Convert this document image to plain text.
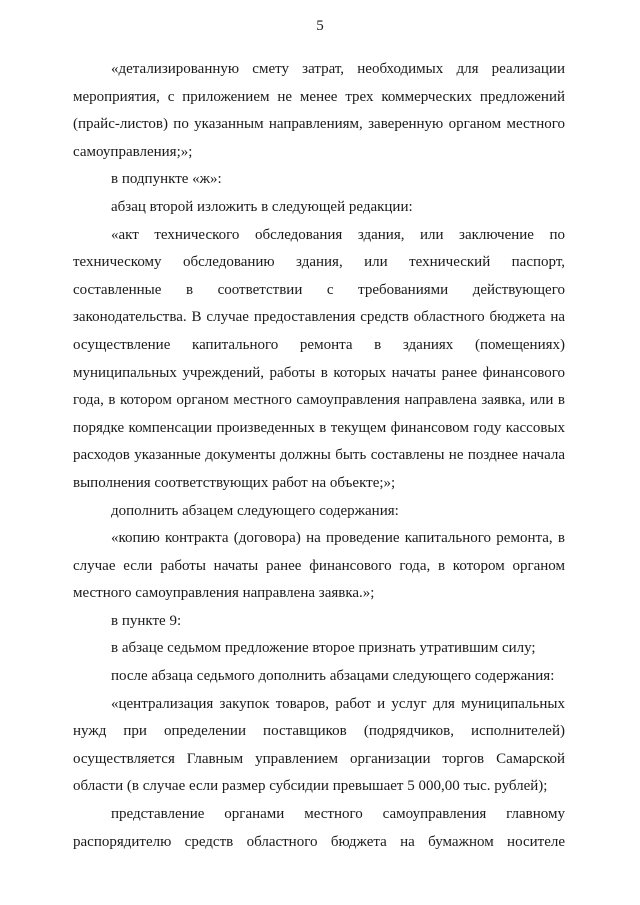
5

«детализированную смету затрат, необходимых для реализации мероприятия, с приложением не менее трех коммерческих предложений (прайс-листов) по указанным направлениям, заверенную органом местного самоуправления;»;

в подпункте «ж»:

абзац второй изложить в следующей редакции:

«акт технического обследования здания, или заключение по техническому обследованию здания, или технический паспорт, составленные в соответствии с требованиями действующего законодательства. В случае предоставления средств областного бюджета на осуществление капитального ремонта в зданиях (помещениях) муниципальных учреждений, работы в которых начаты ранее финансового года, в котором органом местного самоуправления направлена заявка, или в порядке компенсации произведенных в текущем финансовом году кассовых расходов указанные документы должны быть составлены не позднее начала выполнения соответствующих работ на объекте;»;

дополнить абзацем следующего содержания:

«копию контракта (договора) на проведение капитального ремонта, в случае если работы начаты ранее финансового года, в котором органом местного самоуправления направлена заявка.»;

в пункте 9:

в абзаце седьмом предложение второе признать утратившим силу;

после абзаца седьмого дополнить абзацами следующего содержания:

«централизация закупок товаров, работ и услуг для муниципальных нужд при определении поставщиков (подрядчиков, исполнителей) осуществляется Главным управлением организации торгов Самарской области (в случае если размер субсидии превышает 5 000,00 тыс. рублей);

представление органами местного самоуправления главному распорядителю средств областного бюджета на бумажном носителе
